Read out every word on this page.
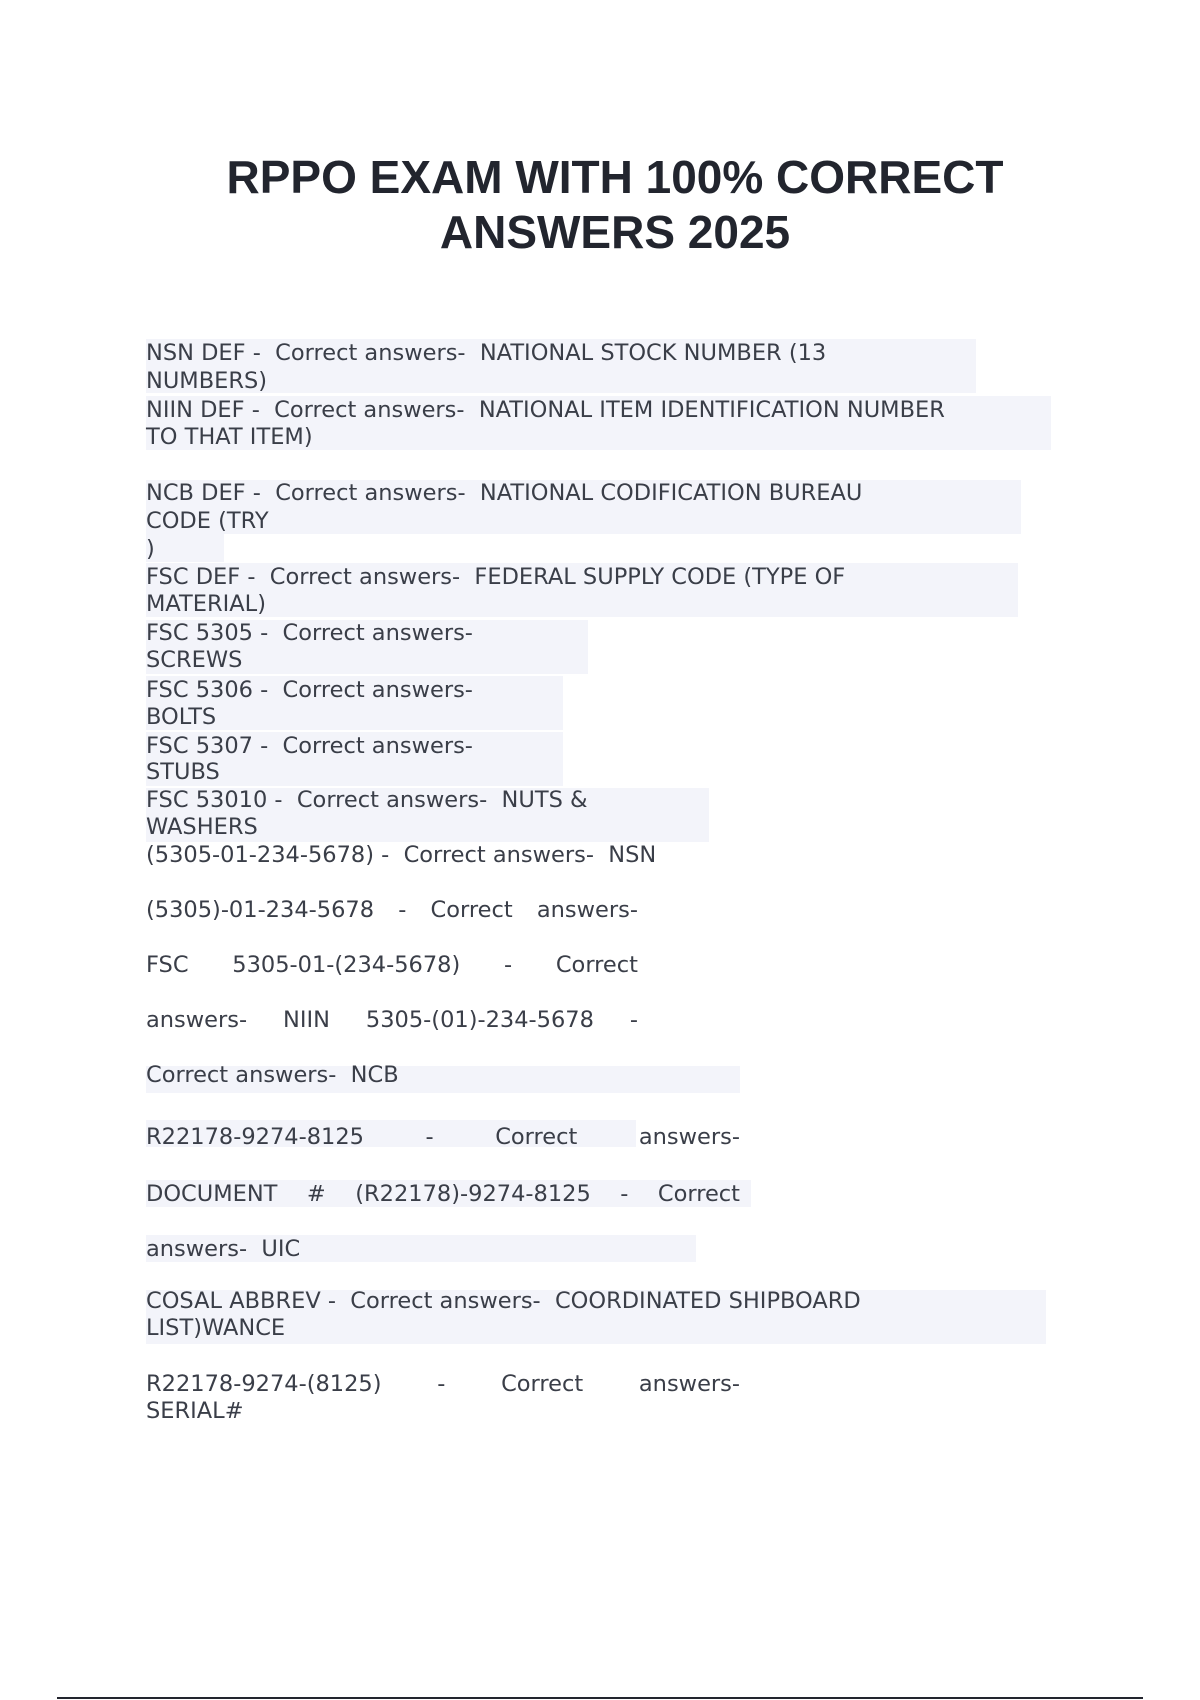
RPPO EXAM WITH 100% CORRECT
ANSWERS 2025
NSN DEF -  Correct answers-  NATIONAL STOCK NUMBER (13
NUMBERS)
NIIN DEF -  Correct answers-  NATIONAL ITEM IDENTIFICATION NUMBER
TO THAT ITEM)
NCB DEF -  Correct answers-  NATIONAL CODIFICATION BUREAU
CODE (TRY
)
FSC DEF -  Correct answers-  FEDERAL SUPPLY CODE (TYPE OF
MATERIAL)
FSC 5305 -  Correct answers-
SCREWS
FSC 5306 -  Correct answers-
BOLTS
FSC 5307 -  Correct answers-
STUBS
FSC 53010 -  Correct answers-  NUTS &
WASHERS
(5305-01-234-5678) -  Correct answers-  NSN
(5305)-01-234-5678 - Correct answers-
FSC 5305-01-(234-5678) - Correct
answers- NIIN 5305-(01)-234-5678 -
Correct answers-  NCB
R22178-9274-8125	-	Correct	answers-
DOCUMENT # (R22178)-9274-8125 - Correct
answers-  UIC
COSAL ABBREV -  Correct answers-  COORDINATED SHIPBOARD
LIST)WANCE
R22178-9274-(8125) - Correct answers-
SERIAL#
